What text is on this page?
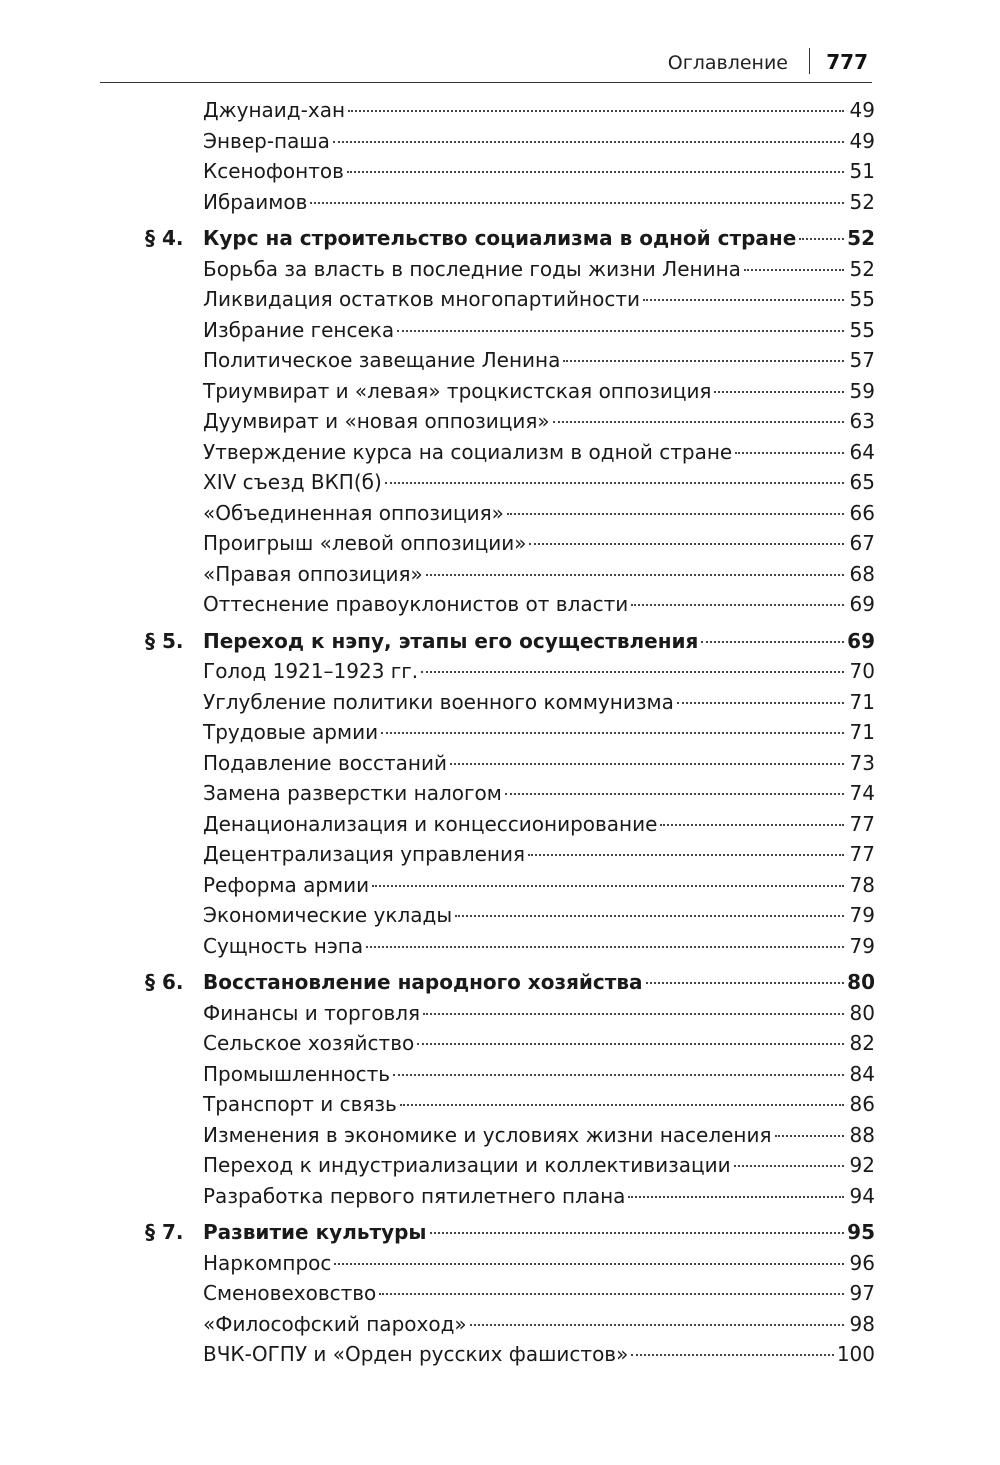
Оглавление 777
Джунаид-хан	49
Энвер-паша	49
Ксенофонтов	51
Ибраимов	52
§ 4. Курс на строительство социализма в одной стране	52
Борьба за власть в последние годы жизни Ленина	52
Ликвидация остатков многопартийности	55
Избрание генсека	55
Политическое завещание Ленина	57
Триумвират и «левая» троцкистская оппозиция	59
Дуумвират и «новая оппозиция»	63
Утверждение курса на социализм в одной стране	64
XIV съезд ВКП(б)	65
«Объединенная оппозиция»	66
Проигрыш «левой оппозиции»	67
«Правая оппозиция»	68
Оттеснение правоуклонистов от власти	69
§ 5. Переход к нэпу, этапы его осуществления	69
Голод 1921–1923 гг.	70
Углубление политики военного коммунизма	71
Трудовые армии	71
Подавление восстаний	73
Замена разверстки налогом	74
Денационализация и концессионирование	77
Децентрализация управления	77
Реформа армии	78
Экономические уклады	79
Сущность нэпа	79
§ 6. Восстановление народного хозяйства	80
Финансы и торговля	80
Сельское хозяйство	82
Промышленность	84
Транспорт и связь	86
Изменения в экономике и условиях жизни населения	88
Переход к индустриализации и коллективизации	92
Разработка первого пятилетнего плана	94
§ 7. Развитие культуры	95
Наркомпрос	96
Сменовеховство	97
«Философский пароход»	98
ВЧК-ОГПУ и «Орден русских фашистов»	100
